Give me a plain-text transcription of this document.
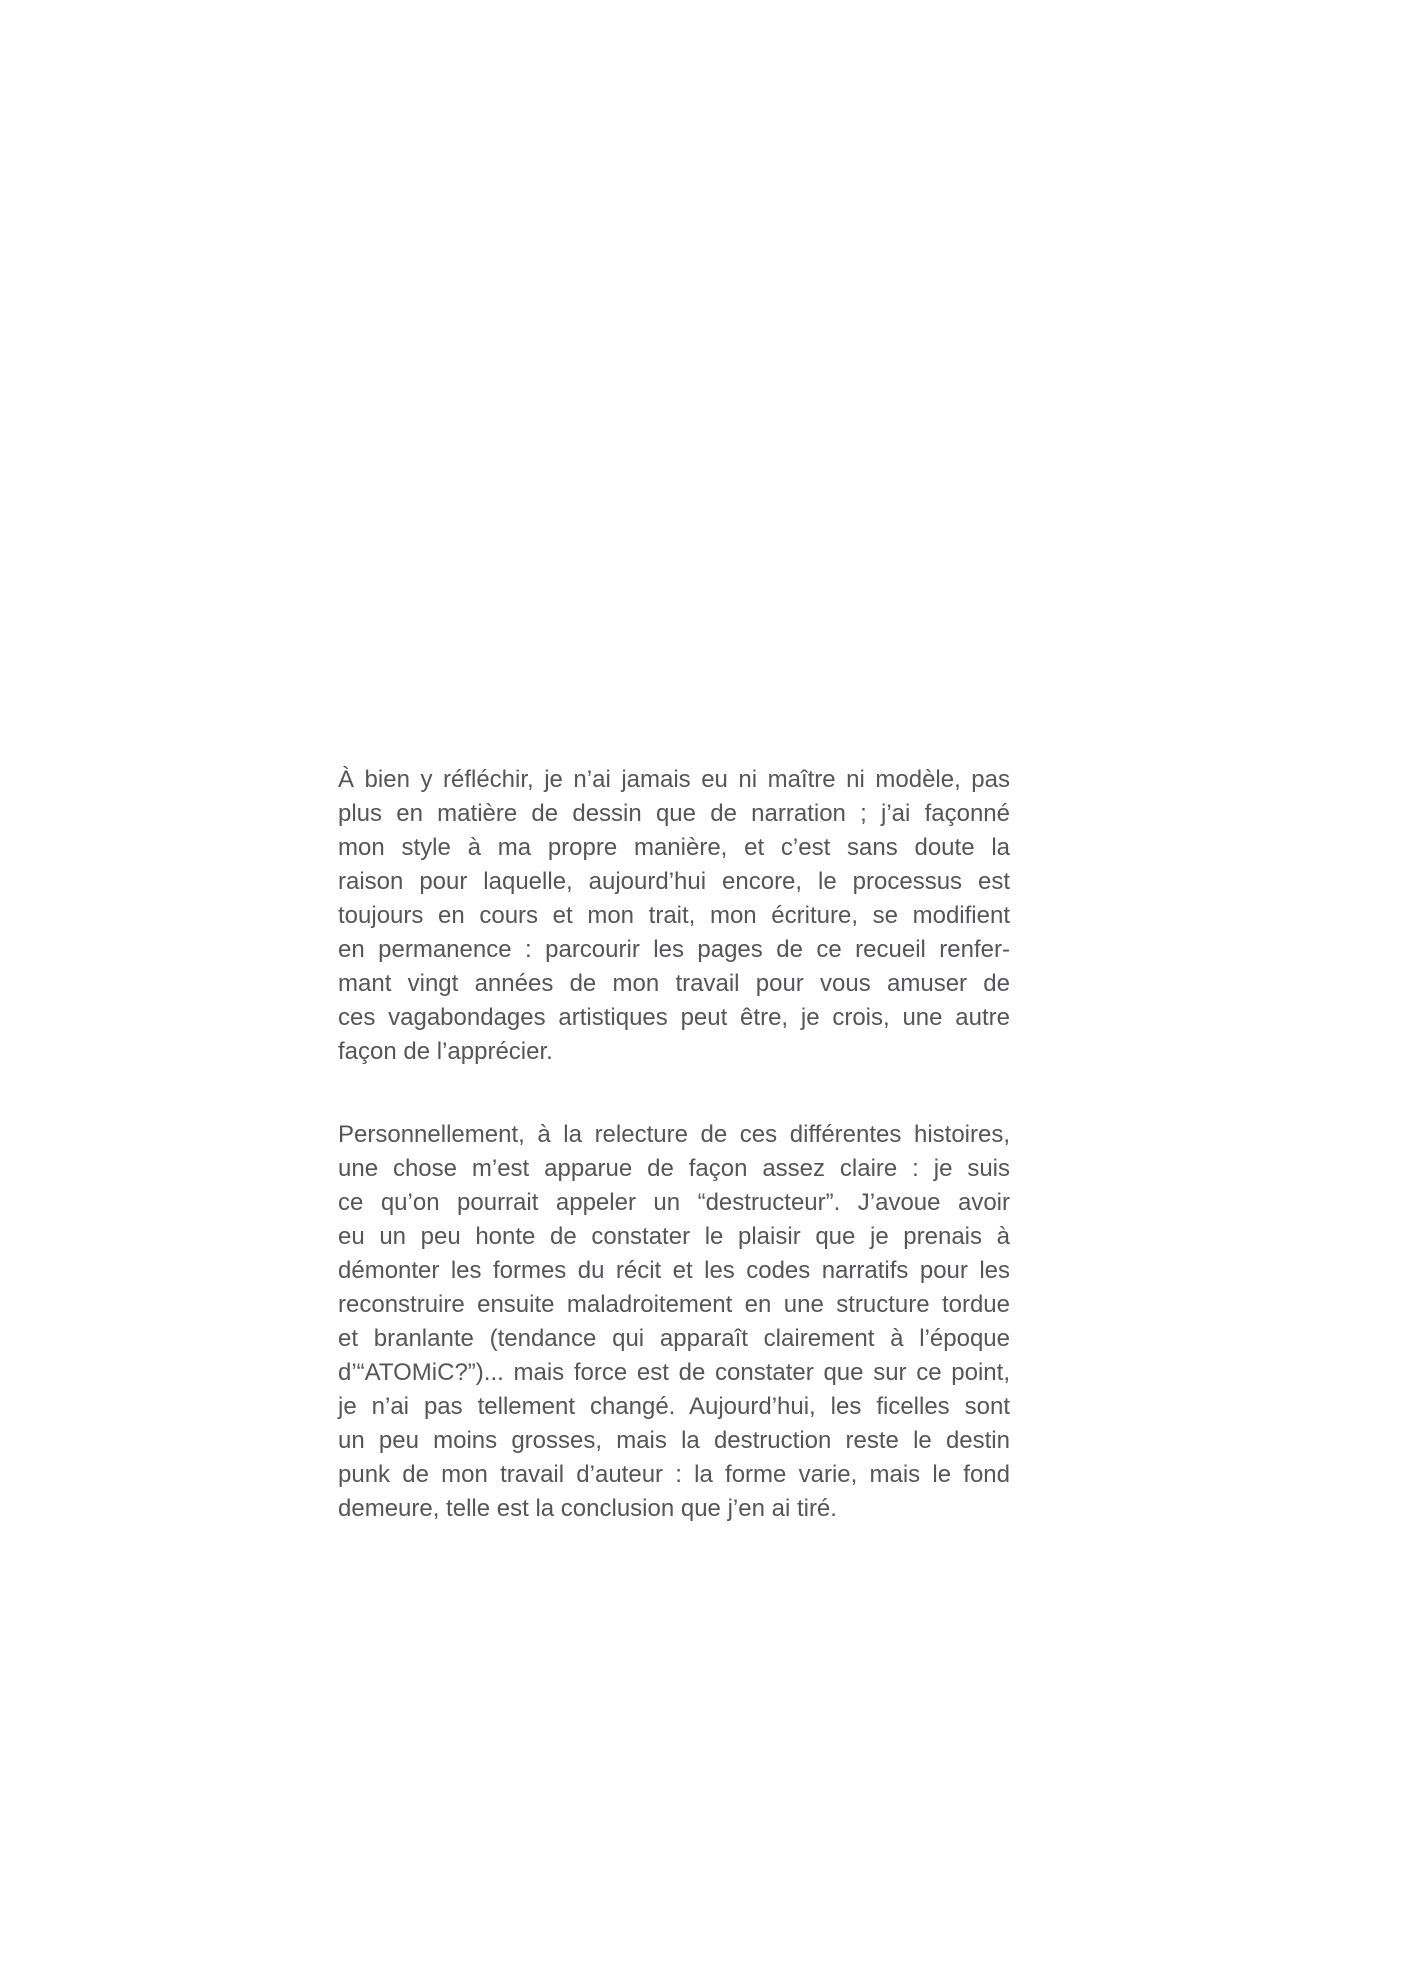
À bien y réfléchir, je n’ai jamais eu ni maître ni modèle, pas
plus en matière de dessin que de narration ; j’ai façonné
mon style à ma propre manière, et c’est sans doute la
raison pour laquelle, aujourd’hui encore, le processus est
toujours en cours et mon trait, mon écriture, se modifient
en permanence : parcourir les pages de ce recueil renfer-
mant vingt années de mon travail pour vous amuser de
ces vagabondages artistiques peut être, je crois, une autre
façon de l’apprécier.
Personnellement, à la relecture de ces différentes histoires,
une chose m’est apparue de façon assez claire : je suis
ce qu’on pourrait appeler un “destructeur”. J’avoue avoir
eu un peu honte de constater le plaisir que je prenais à
démonter les formes du récit et les codes narratifs pour les
reconstruire ensuite maladroitement en une structure tordue
et branlante (tendance qui apparaît clairement à l’époque
d’“ATOMiC?”)... mais force est de constater que sur ce point,
je n’ai pas tellement changé. Aujourd’hui, les ficelles sont
un peu moins grosses, mais la destruction reste le destin
punk de mon travail d’auteur : la forme varie, mais le fond
demeure, telle est la conclusion que j’en ai tiré.
